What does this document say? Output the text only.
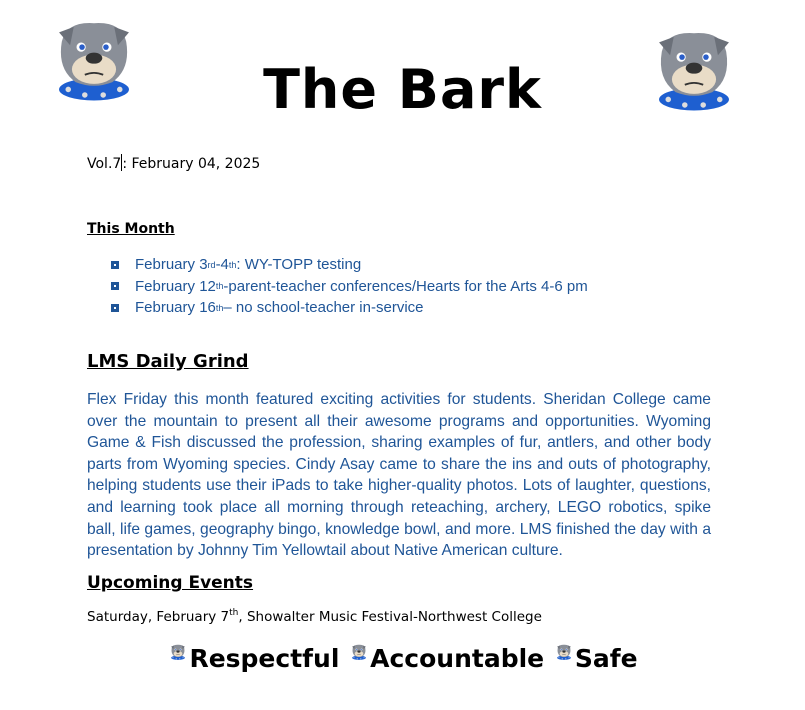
The Bark
Vol.7: February 04, 2025
This Month
February 3 rd -4 th : WY-TOPP testing
February 12 th -parent-teacher conferences/Hearts for the Arts 4-6 pm
February 16 th – no school-teacher in-service
LMS Daily Grind
Flex Friday this month featured exciting activities for students. Sheridan College came over the mountain to present all their awesome programs and opportunities. Wyoming Game & Fish discussed the profession, sharing examples of fur, antlers, and other body parts from Wyoming species. Cindy Asay came to share the ins and outs of photography, helping students use their iPads to take higher-quality photos. Lots of laughter, questions, and learning took place all morning through reteaching, archery, LEGO robotics, spike ball, life games, geography bingo, knowledge bowl, and more. LMS finished the day with a presentation by Johnny Tim Yellowtail about Native American culture.
Upcoming Events
Saturday, February 7th, Showalter Music Festival-Northwest College
Respectful Accountable Safe
